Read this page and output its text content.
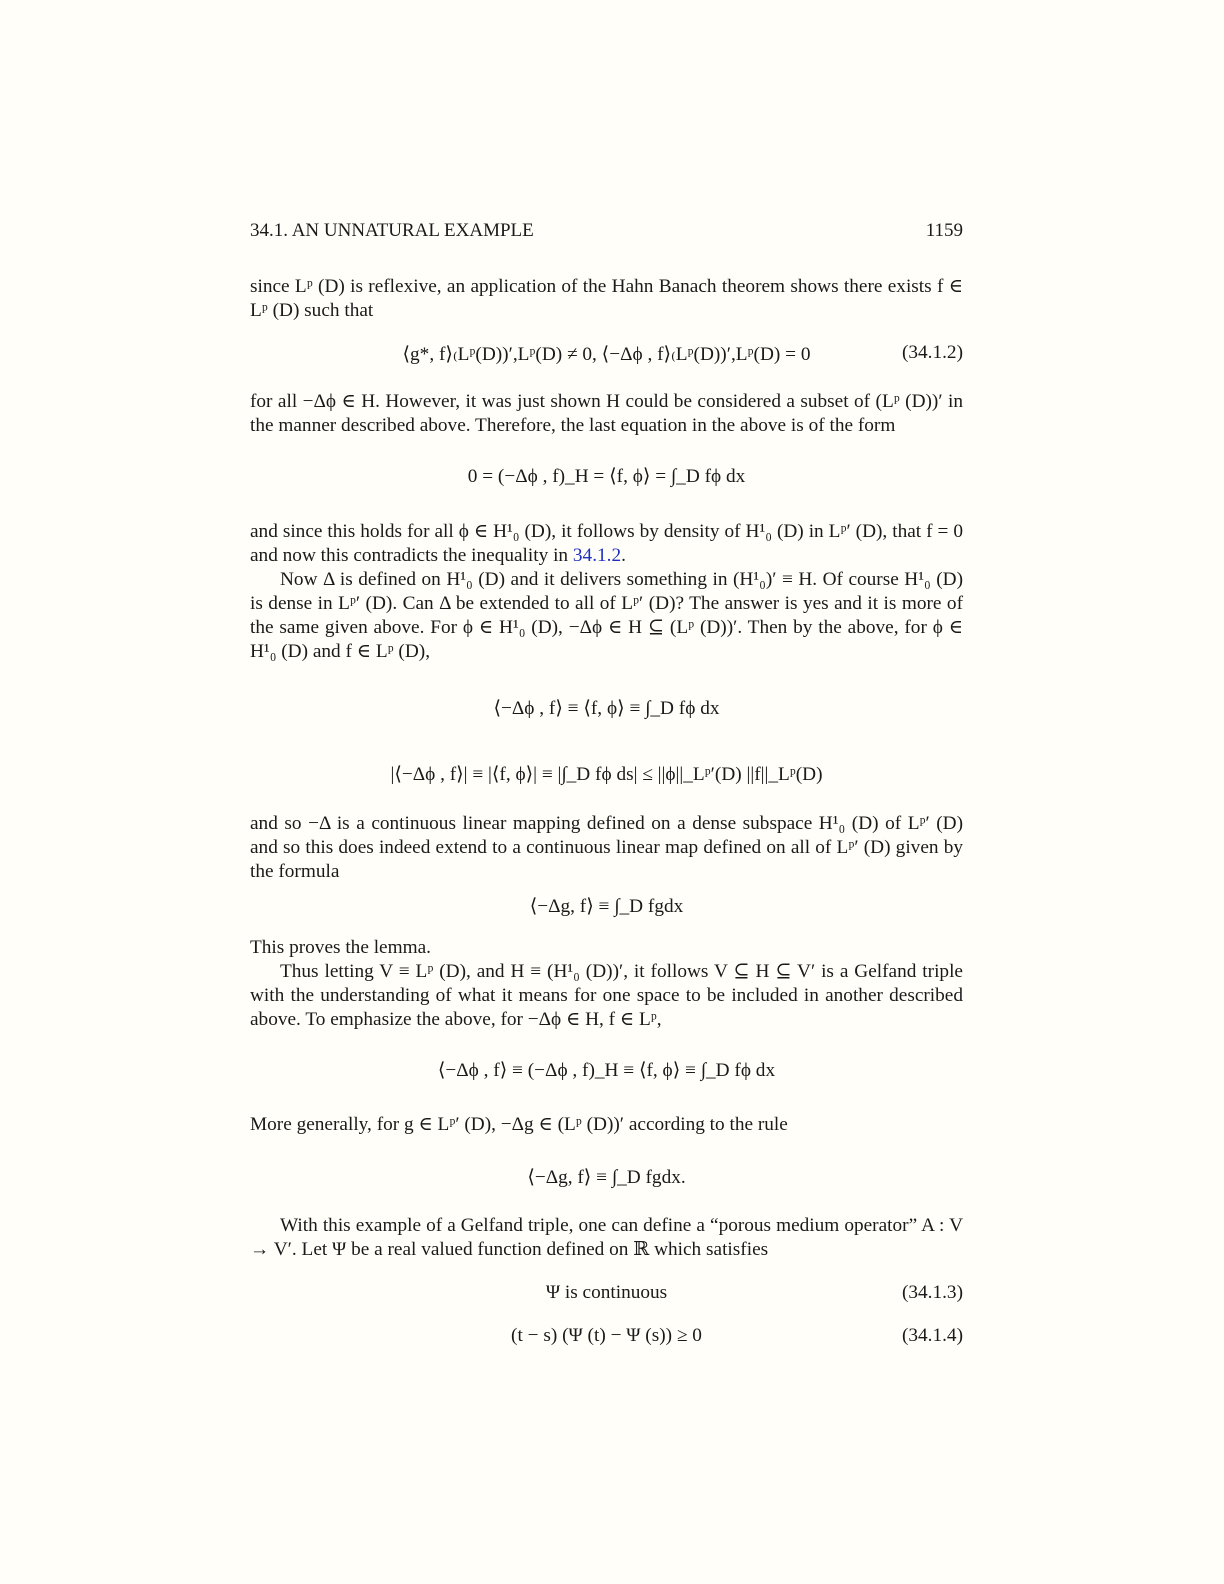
34.1. AN UNNATURAL EXAMPLE	1159
since Lᵖ (D) is reflexive, an application of the Hahn Banach theorem shows there exists f ∈ Lᵖ (D) such that
⟨g*, f⟩₍Lᵖ(D))′,Lᵖ(D) ≠ 0, ⟨−Δϕ , f⟩₍Lᵖ(D))′,Lᵖ(D) = 0	(34.1.2)
for all −Δϕ ∈ H. However, it was just shown H could be considered a subset of (Lᵖ (D))′ in the manner described above. Therefore, the last equation in the above is of the form
0 = (−Δϕ , f)_H = ⟨f, ϕ⟩ = ∫_D fϕ dx
and since this holds for all ϕ ∈ H¹₀ (D), it follows by density of H¹₀ (D) in Lᵖ′ (D), that f = 0 and now this contradicts the inequality in 34.1.2.
Now Δ is defined on H¹₀ (D) and it delivers something in (H¹₀)′ ≡ H. Of course H¹₀ (D) is dense in Lᵖ′ (D). Can Δ be extended to all of Lᵖ′ (D)? The answer is yes and it is more of the same given above. For ϕ ∈ H¹₀ (D), −Δϕ ∈ H ⊆ (Lᵖ (D))′. Then by the above, for ϕ ∈ H¹₀ (D) and f ∈ Lᵖ (D),
⟨−Δϕ , f⟩ ≡ ⟨f, ϕ⟩ ≡ ∫_D fϕ dx
|⟨−Δϕ , f⟩| ≡ |⟨f, ϕ⟩| ≡ |∫_D fϕ ds| ≤ ||ϕ||_Lᵖ′(D) ||f||_Lᵖ(D)
and so −Δ is a continuous linear mapping defined on a dense subspace H¹₀ (D) of Lᵖ′ (D) and so this does indeed extend to a continuous linear map defined on all of Lᵖ′ (D) given by the formula
⟨−Δg, f⟩ ≡ ∫_D fgdx
This proves the lemma.
Thus letting V ≡ Lᵖ (D), and H ≡ (H¹₀ (D))′, it follows V ⊆ H ⊆ V′ is a Gelfand triple with the understanding of what it means for one space to be included in another described above. To emphasize the above, for −Δϕ ∈ H, f ∈ Lᵖ,
⟨−Δϕ , f⟩ ≡ (−Δϕ , f)_H ≡ ⟨f, ϕ⟩ ≡ ∫_D fϕ dx
More generally, for g ∈ Lᵖ′ (D), −Δg ∈ (Lᵖ (D))′ according to the rule
⟨−Δg, f⟩ ≡ ∫_D fgdx.
With this example of a Gelfand triple, one can define a “porous medium operator” A : V → V′. Let Ψ be a real valued function defined on ℝ which satisfies
Ψ is continuous	(34.1.3)
(t − s) (Ψ (t) − Ψ (s)) ≥ 0	(34.1.4)
